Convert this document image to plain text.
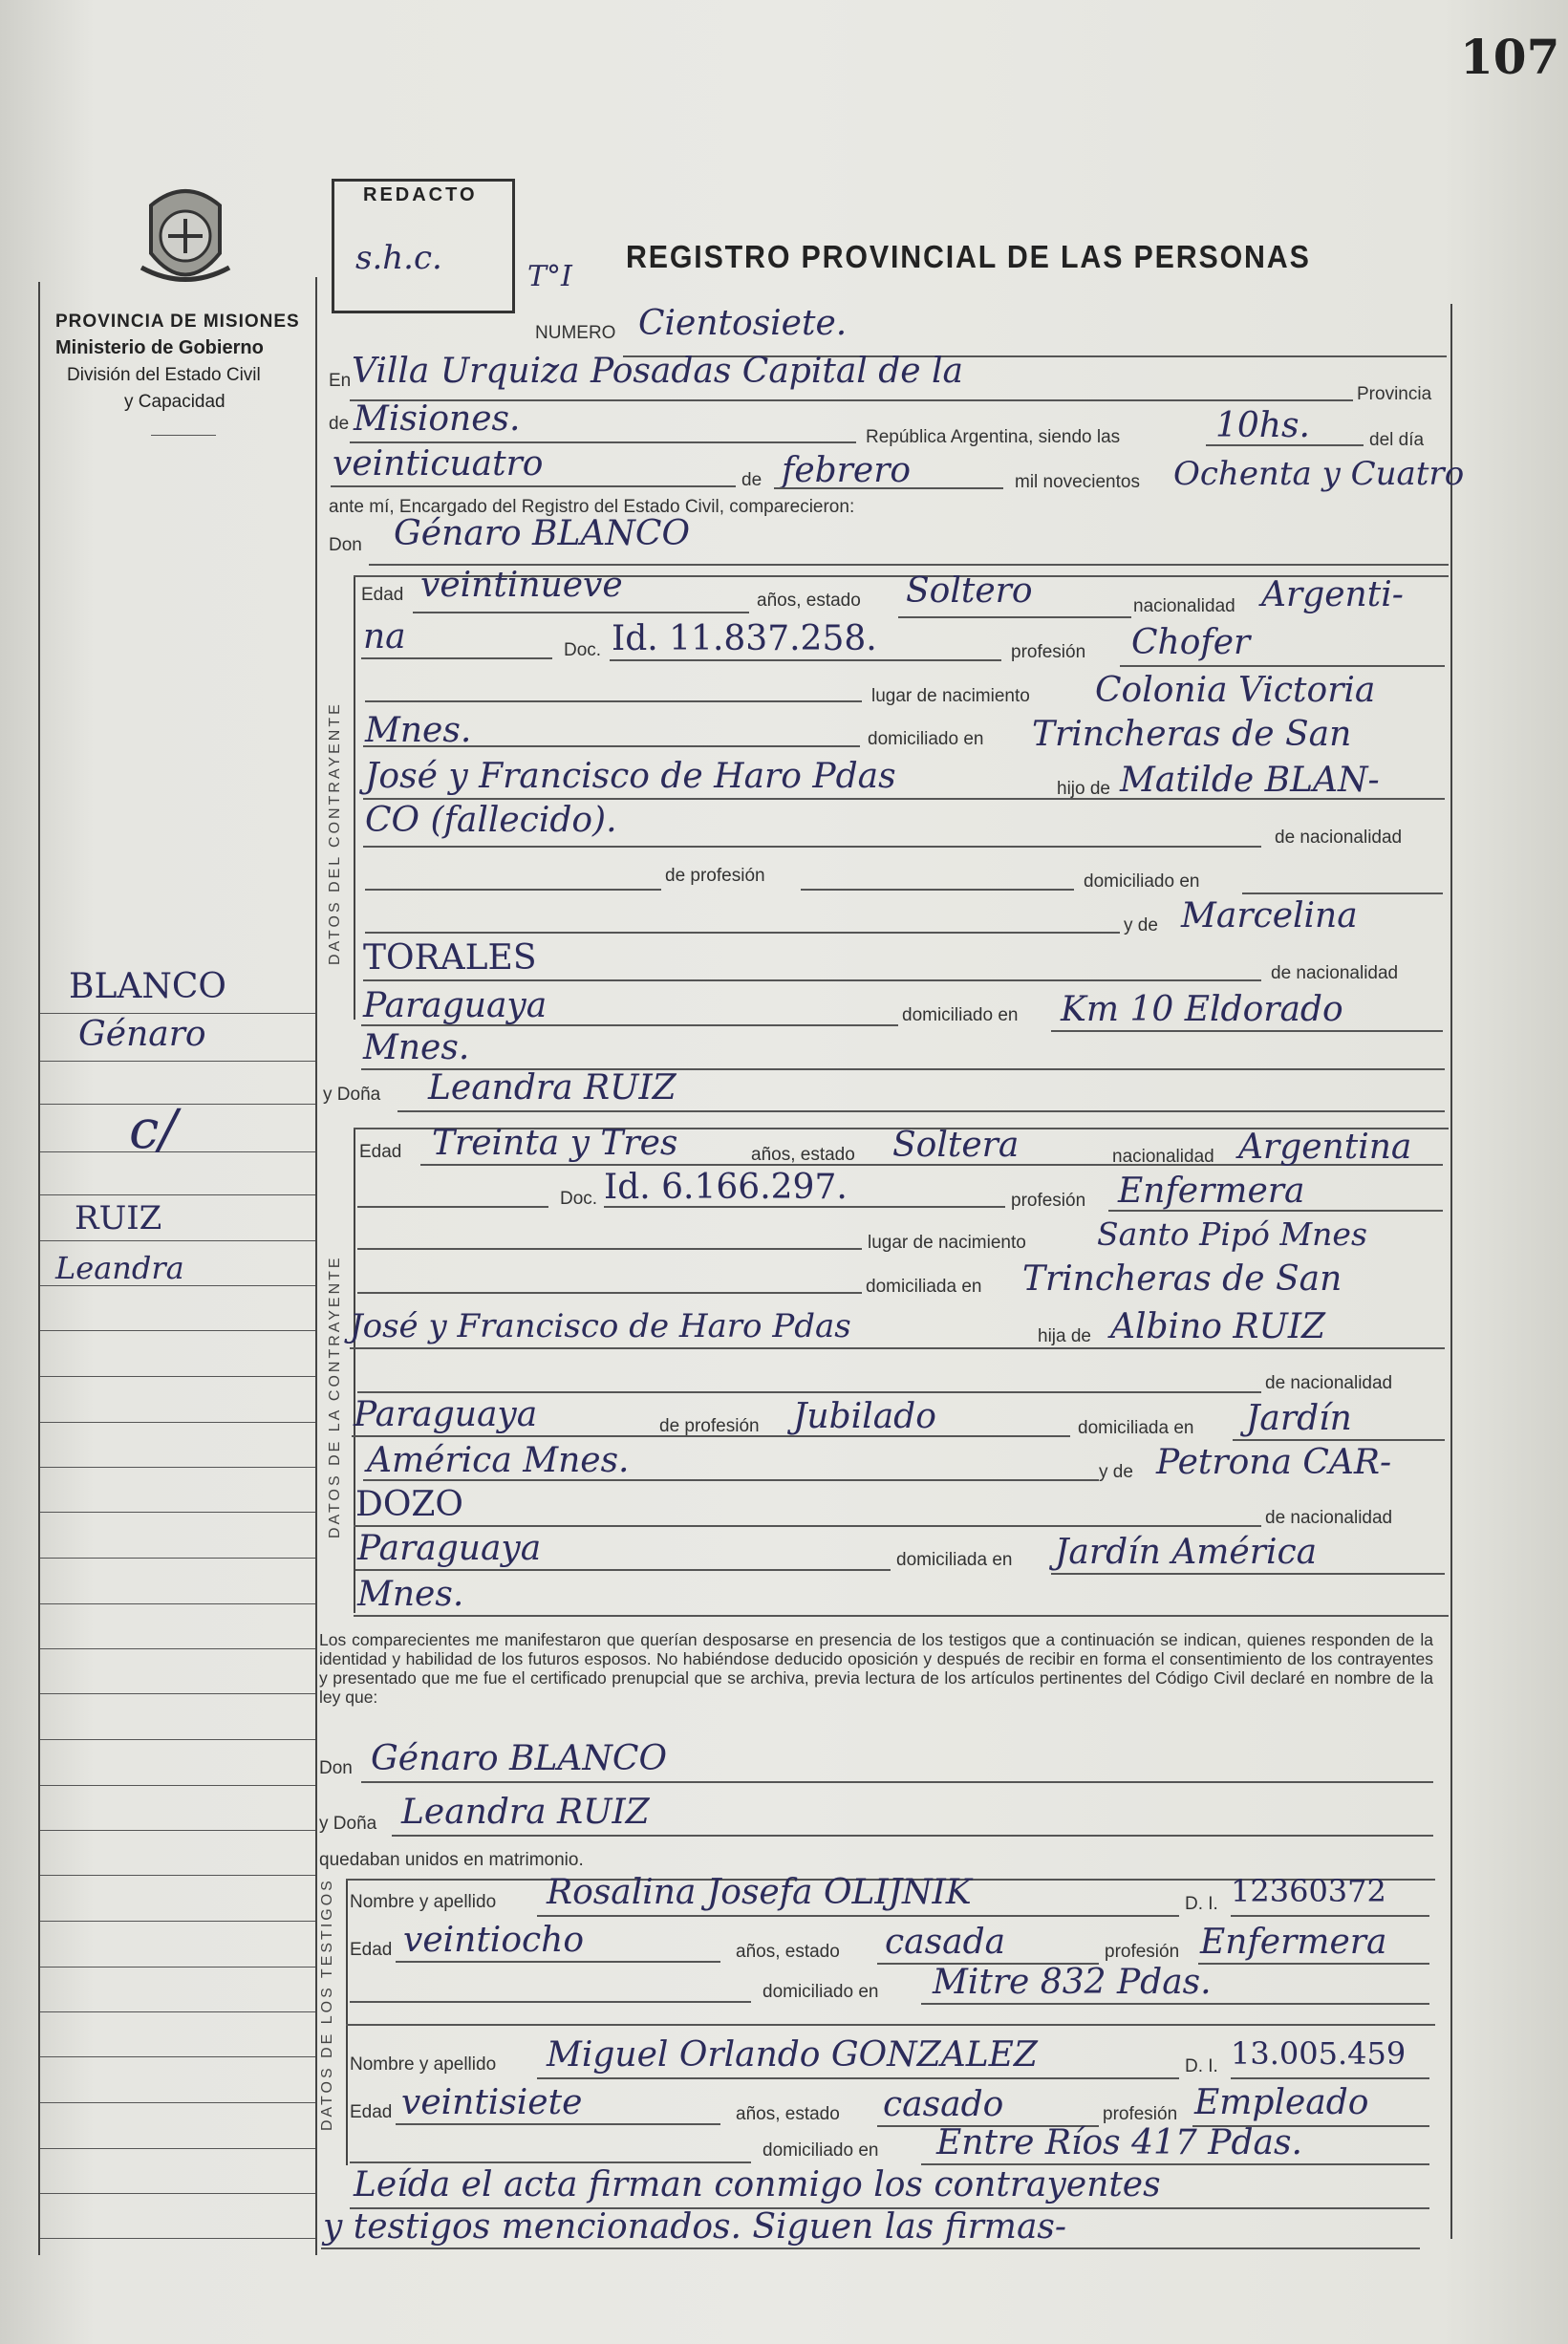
107
PROVINCIA DE MISIONES
Ministerio de Gobierno
División del Estado Civil
y Capacidad
REDACTO
s.h.c.	T°I
REGISTRO PROVINCIAL DE LAS PERSONAS
BLANCO
Génaro
c/
RUIZ
Leandra
NUMERO Cientosiete.
En Villa Urquiza Posadas Capital de la
Provincia
de Misiones.	República Argentina, siendo las	10hs.	del día
veinticuatro	de febrero	mil novecientos Ochenta y Cuatro
ante mí, Encargado del Registro del Estado Civil, comparecieron:
Don Génaro BLANCO
DATOS DEL CONTRAYENTE
Edad veintinueve	años, estado Soltero	nacionalidad Argenti-
na	Doc. Id. 11.837.258.	profesión Chofer
lugar de nacimiento Colonia Victoria
Mnes.	domiciliado en Trincheras de San
José y Francisco de Haro Pdas	hijo de Matilde BLAN-
CO (fallecido).	de nacionalidad
de profesión	domiciliado en
y de Marcelina
TORALES	de nacionalidad
Paraguaya	domiciliado en Km 10 Eldorado
Mnes.
y Doña Leandra RUIZ
DATOS DE LA CONTRAYENTE
Edad Treinta y Tres	años, estado Soltera	nacionalidad Argentina
Doc. Id. 6.166.297.	profesión Enfermera
lugar de nacimiento Santo Pipó Mnes
domiciliada en Trincheras de San
José y Francisco de Haro Pdas	hija de Albino RUIZ
de nacionalidad
Paraguaya	de profesión Jubilado	domiciliada en Jardín
América Mnes.	y de Petrona CAR-
DOZO	de nacionalidad
Paraguaya	domiciliada en Jardín América
Mnes.
Los comparecientes me manifestaron que querían desposarse en presencia de los testigos que a continuación se indican, quienes responden de la identidad y habilidad de los futuros esposos. No habiéndose deducido oposición y después de recibir en forma el consentimiento de los contrayentes y presentado que me fue el certificado prenupcial que se archiva, previa lectura de los artículos pertinentes del Código Civil declaré en nombre de la ley que:
Don Génaro BLANCO
y Doña Leandra RUIZ
quedaban unidos en matrimonio.
DATOS DE LOS TESTIGOS Nombre y apellido Rosalina Josefa OLIJNIK	D. I. 12360372
Edad veintiocho	años, estado casada	profesión Enfermera
domiciliado en Mitre 832 Pdas.
Nombre y apellido Miguel Orlando GONZALEZ	D. I. 13.005.459
Edad veintisiete	años, estado casado	profesión Empleado
domiciliado en Entre Ríos 417 Pdas.
Leída el acta firman conmigo los contrayentes
y testigos mencionados. Siguen las firmas-
